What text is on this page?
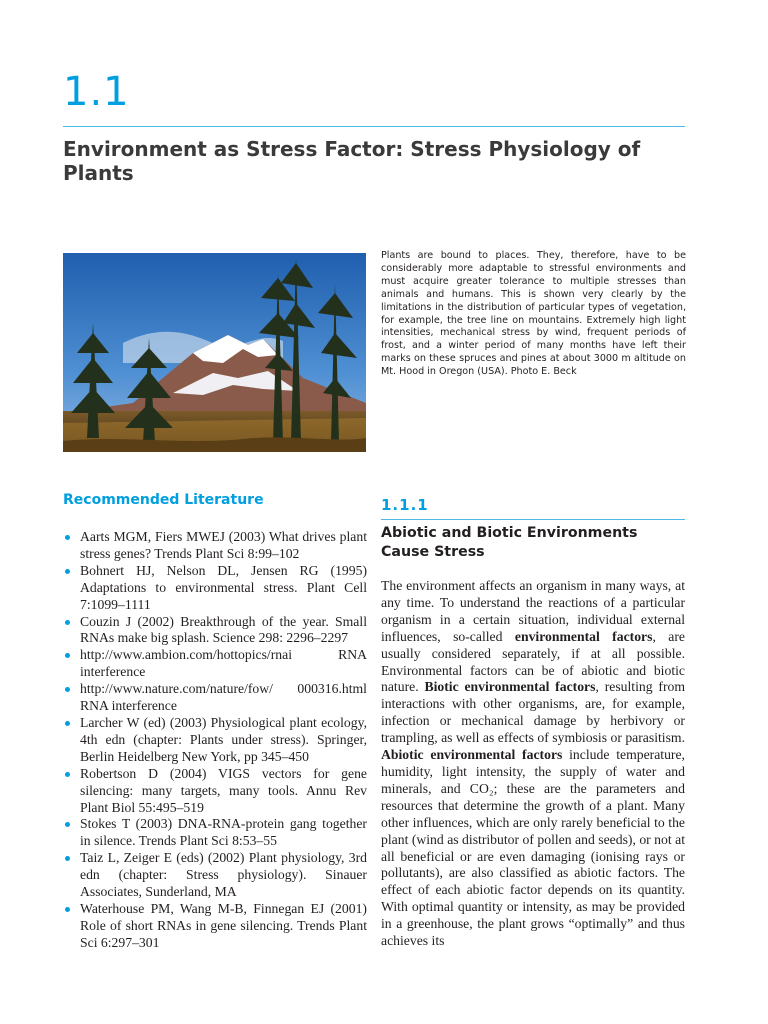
1.1
Environment as Stress Factor: Stress Physiology of Plants

Plants are bound to places. They, therefore, have to be considerably more adaptable to stressful environments and must acquire greater tolerance to multiple stresses than animals and humans. This is shown very clearly by the limitations in the distribution of particular types of vegetation, for example, the tree line on mountains. Extremely high light intensities, mechanical stress by wind, frequent periods of frost, and a winter period of many months have left their marks on these spruces and pines at about 3000 m altitude on Mt. Hood in Oregon (USA). Photo E. Beck

Recommended Literature
Aarts MGM, Fiers MWEJ (2003) What drives plant stress genes? Trends Plant Sci 8:99–102
Bohnert HJ, Nelson DL, Jensen RG (1995) Adaptations to environmental stress. Plant Cell 7:1099–1111
Couzin J (2002) Breakthrough of the year. Small RNAs make big splash. Science 298: 2296–2297
http://www.ambion.com/hottopics/rnai RNA interference
http://www.nature.com/nature/fow/ 000316.html RNA interference
Larcher W (ed) (2003) Physiological plant ecology, 4th edn (chapter: Plants under stress). Springer, Berlin Heidelberg New York, pp 345–450
Robertson D (2004) VIGS vectors for gene silencing: many targets, many tools. Annu Rev Plant Biol 55:495–519
Stokes T (2003) DNA-RNA-protein gang together in silence. Trends Plant Sci 8:53–55
Taiz L, Zeiger E (eds) (2002) Plant physiology, 3rd edn (chapter: Stress physiology). Sinauer Associates, Sunderland, MA
Waterhouse PM, Wang M-B, Finnegan EJ (2001) Role of short RNAs in gene silencing. Trends Plant Sci 6:297–301
1.1.1
Abiotic and Biotic Environments Cause Stress

The environment affects an organism in many ways, at any time. To understand the reactions of a particular organism in a certain situation, individual external influences, so-called environmental factors, are usually considered separately, if at all possible. Environmental factors can be of abiotic and biotic nature. Biotic environmental factors, resulting from interactions with other organisms, are, for example, infection or mechanical damage by herbivory or trampling, as well as effects of symbiosis or parasitism. Abiotic environmental factors include temperature, humidity, light intensity, the supply of water and minerals, and CO₂; these are the parameters and resources that determine the growth of a plant. Many other influences, which are only rarely beneficial to the plant (wind as distributor of pollen and seeds), or not at all beneficial or are even damaging (ionising rays or pollutants), are also classified as abiotic factors. The effect of each abiotic factor depends on its quantity. With optimal quantity or intensity, as may be provided in a greenhouse, the plant grows “optimally” and thus achieves its
